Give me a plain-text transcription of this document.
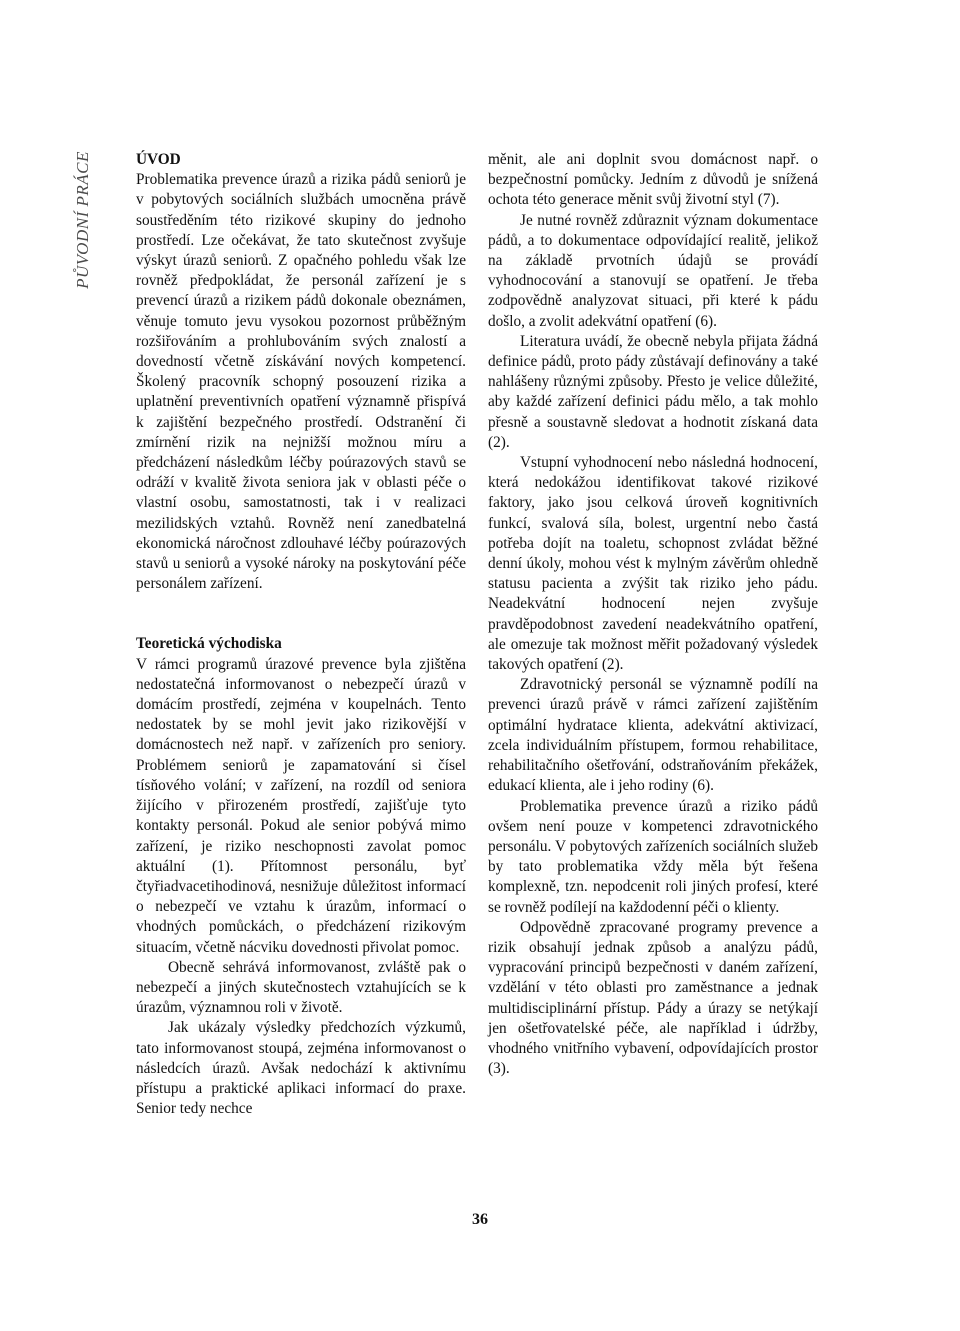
PŮVODNÍ PRÁCE	ÚVOD

Problematika prevence úrazů a rizika pádů seniorů je v pobytových sociálních službách umocněna právě soustředěním této rizikové skupiny do jednoho prostředí. Lze očekávat, že tato skutečnost zvyšuje výskyt úrazů seniorů. Z opačného pohledu však lze rovněž předpokládat, že personál zařízení je s prevencí úrazů a rizikem pádů dokonale obeznámen, věnuje tomuto jevu vysokou pozornost průběžným rozšiřováním a prohlubováním svých znalostí a dovedností včetně získávání nových kompetencí. Školený pracovník schopný posouzení rizika a uplatnění preventivních opatření významně přispívá k zajištění bezpečného prostředí. Odstranění či zmírnění rizik na nejnižší možnou míru a předcházení následkům léčby poúrazových stavů se odráží v kvalitě života seniora jak v oblasti péče o vlastní osobu, samostatnosti, tak i v realizaci mezilidských vztahů. Rovněž není zanedbatelná ekonomická náročnost zdlouhavé léčby poúrazových stavů u seniorů a vysoké nároky na poskytování péče personálem zařízení.

Teoretická východiska

V rámci programů úrazové prevence byla zjištěna nedostatečná informovanost o nebezpečí úrazů v domácím prostředí, zejména v koupelnách. Tento nedostatek by se mohl jevit jako rizikovější v domácnostech než např. v zařízeních pro seniory. Problémem seniorů je zapamatování si čísel tísňového volání; v zařízení, na rozdíl od seniora žijícího v přirozeném prostředí, zajišťuje tyto kontakty personál. Pokud ale senior pobývá mimo zařízení, je riziko neschopnosti zavolat pomoc aktuální (1). Přítomnost personálu, byť čtyřiadvacetihodinová, nesnižuje důležitost informací o nebezpečí ve vztahu k úrazům, informací o vhodných pomůckách, o předcházení rizikovým situacím, včetně nácviku dovednosti přivolat pomoc.

Obecně sehrává informovanost, zvláště pak o nebezpečí a jiných skutečnostech vztahujících se k úrazům, významnou roli v životě.

Jak ukázaly výsledky předchozích výzkumů, tato informovanost stoupá, zejména informovanost o následcích úrazů. Avšak nedochází k aktivnímu přístupu a praktické aplikaci informací do praxe. Senior tedy nechce

měnit, ale ani doplnit svou domácnost např. o bezpečnostní pomůcky. Jedním z důvodů je snížená ochota této generace měnit svůj životní styl (7).

Je nutné rovněž zdůraznit význam dokumentace pádů, a to dokumentace odpovídající realitě, jelikož na základě prvotních údajů se provádí vyhodnocování a stanovují se opatření. Je třeba zodpovědně analyzovat situaci, při které k pádu došlo, a zvolit adekvátní opatření (6).

Literatura uvádí, že obecně nebyla přijata žádná definice pádů, proto pády zůstávají definovány a také nahlášeny různými způsoby. Přesto je velice důležité, aby každé zařízení definici pádu mělo, a tak mohlo přesně a soustavně sledovat a hodnotit získaná data (2).

Vstupní vyhodnocení nebo následná hodnocení, která nedokážou identifikovat takové rizikové faktory, jako jsou celková úroveň kognitivních funkcí, svalová síla, bolest, urgentní nebo častá potřeba dojít na toaletu, schopnost zvládat běžné denní úkoly, mohou vést k mylným závěrům ohledně statusu pacienta a zvýšit tak riziko jeho pádu. Neadekvátní hodnocení nejen zvyšuje pravděpodobnost zavedení neadekvátního opatření, ale omezuje tak možnost měřit požadovaný výsledek takových opatření (2).

Zdravotnický personál se významně podílí na prevenci úrazů právě v rámci zařízení zajištěním optimální hydratace klienta, adekvátní aktivizací, zcela individuálním přístupem, formou rehabilitace, rehabilitačního ošetřování, odstraňováním překážek, edukací klienta, ale i jeho rodiny (6).

Problematika prevence úrazů a riziko pádů ovšem není pouze v kompetenci zdravotnického personálu. V pobytových zařízeních sociálních služeb by tato problematika vždy měla být řešena komplexně, tzn. nepodcenit roli jiných profesí, které se rovněž podílejí na každodenní péči o klienty.

Odpovědně zpracované programy prevence a rizik obsahují jednak způsob a analýzu pádů, vypracování principů bezpečnosti v daném zařízení, vzdělání v této oblasti pro zaměstnance a jednak multidisciplinární přístup. Pády a úrazy se netýkají jen ošetřovatelské péče, ale například i údržby, vhodného vnitřního vybavení, odpovídajících prostor (3).

36
